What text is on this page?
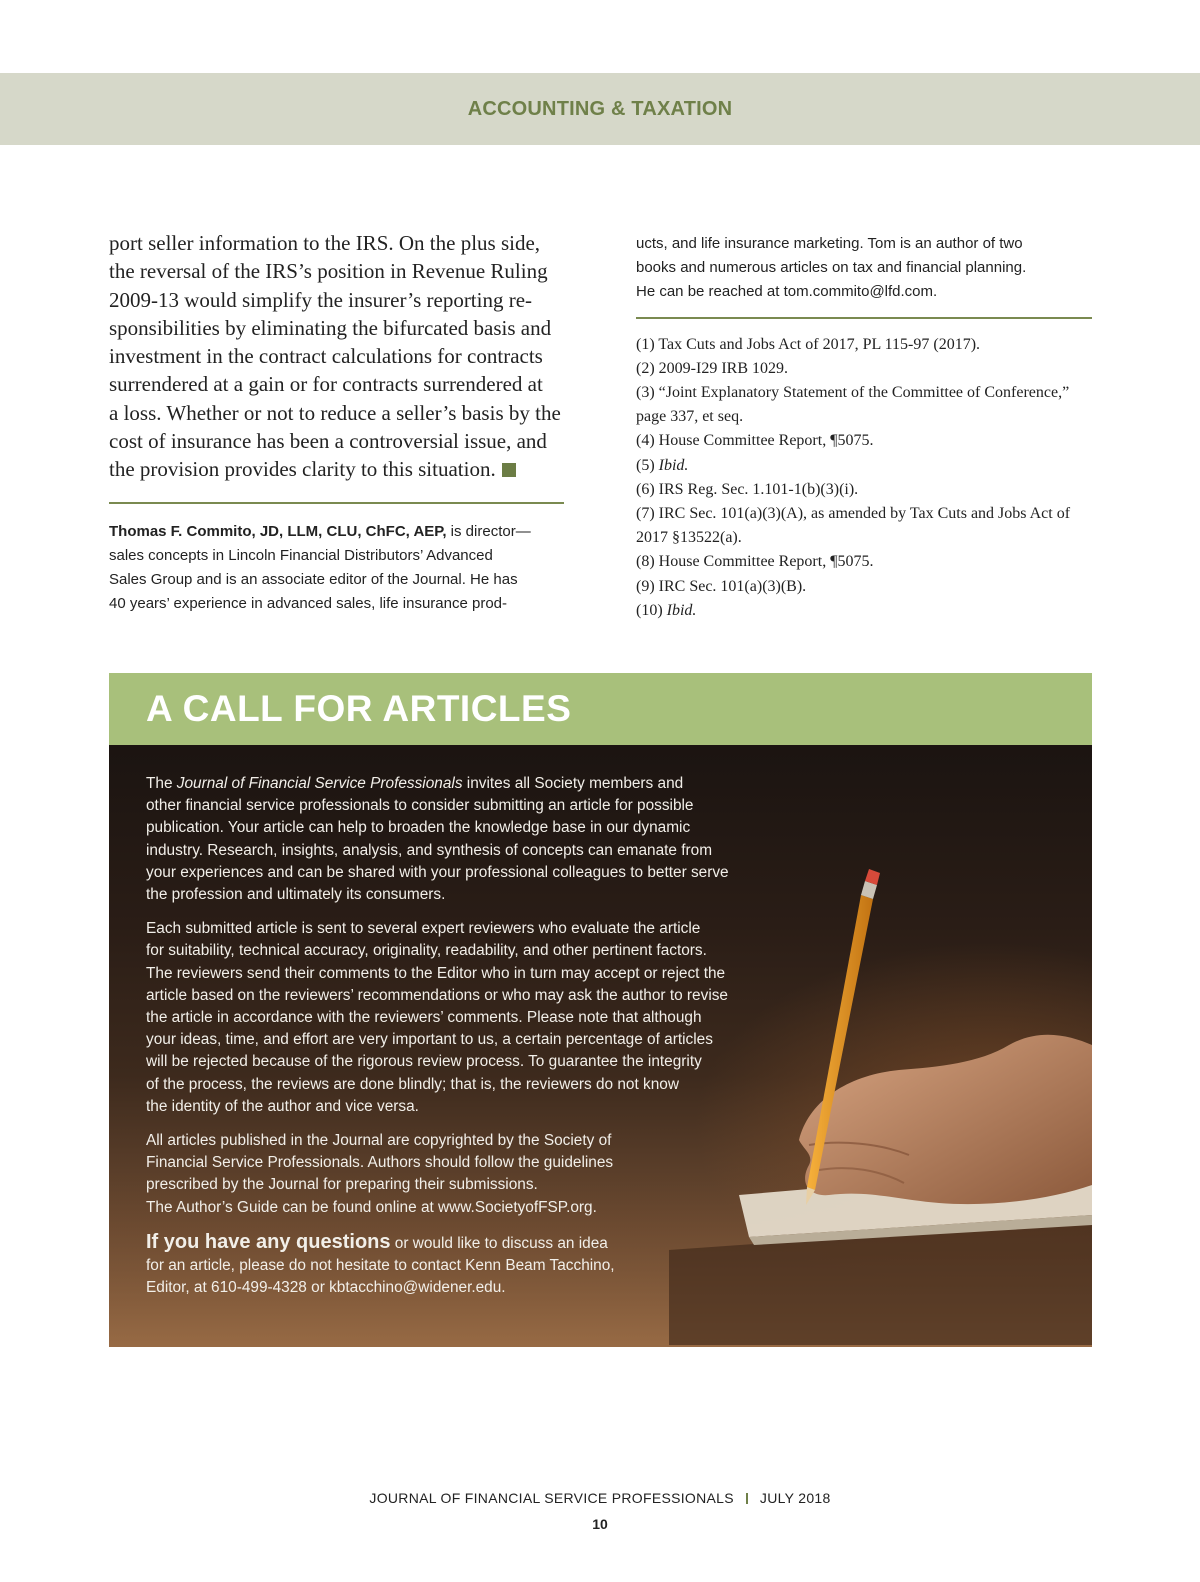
ACCOUNTING & TAXATION
port seller information to the IRS. On the plus side,
the reversal of the IRS’s position in Revenue Ruling
2009-13 would simplify the insurer’s reporting re-
sponsibilities by eliminating the bifurcated basis and
investment in the contract calculations for contracts
surrendered at a gain or for contracts surrendered at
a loss. Whether or not to reduce a seller’s basis by the
cost of insurance has been a controversial issue, and
the provision provides clarity to this situation.
Thomas F. Commito, JD, LLM, CLU, ChFC, AEP, is director—
sales concepts in Lincoln Financial Distributors’ Advanced
Sales Group and is an associate editor of the Journal. He has
40 years’ experience in advanced sales, life insurance prod-
ucts, and life insurance marketing. Tom is an author of two
books and numerous articles on tax and financial planning.
He can be reached at tom.commito@lfd.com.
(1) Tax Cuts and Jobs Act of 2017, PL 115-97 (2017).
(2) 2009-I29 IRB 1029.
(3) “Joint Explanatory Statement of the Committee of Conference,”
page 337, et seq.
(4) House Committee Report, ¶5075.
(5) Ibid.
(6) IRS Reg. Sec. 1.101-1(b)(3)(i).
(7) IRC Sec. 101(a)(3)(A), as amended by Tax Cuts and Jobs Act of
2017 §13522(a).
(8) House Committee Report, ¶5075.
(9) IRC Sec. 101(a)(3)(B).
(10) Ibid.
A CALL FOR ARTICLES

The Journal of Financial Service Professionals invites all Society members and
other financial service professionals to consider submitting an article for possible
publication. Your article can help to broaden the knowledge base in our dynamic
industry. Research, insights, analysis, and synthesis of concepts can emanate from
your experiences and can be shared with your professional colleagues to better serve
the profession and ultimately its consumers.

Each submitted article is sent to several expert reviewers who evaluate the article
for suitability, technical accuracy, originality, readability, and other pertinent factors.
The reviewers send their comments to the Editor who in turn may accept or reject the
article based on the reviewers’ recommendations or who may ask the author to revise
the article in accordance with the reviewers’ comments. Please note that although
your ideas, time, and effort are very important to us, a certain percentage of articles
will be rejected because of the rigorous review process. To guarantee the integrity
of the process, the reviews are done blindly; that is, the reviewers do not know
the identity of the author and vice versa.

All articles published in the Journal are copyrighted by the Society of
Financial Service Professionals. Authors should follow the guidelines
prescribed by the Journal for preparing their submissions.
The Author’s Guide can be found online at www.SocietyofFSP.org.

If you have any questions or would like to discuss an idea
for an article, please do not hesitate to contact Kenn Beam Tacchino,
Editor, at 610-499-4328 or kbtacchino@widener.edu.

JOURNAL OF FINANCIAL SERVICE PROFESSIONALS JULY 2018
10
